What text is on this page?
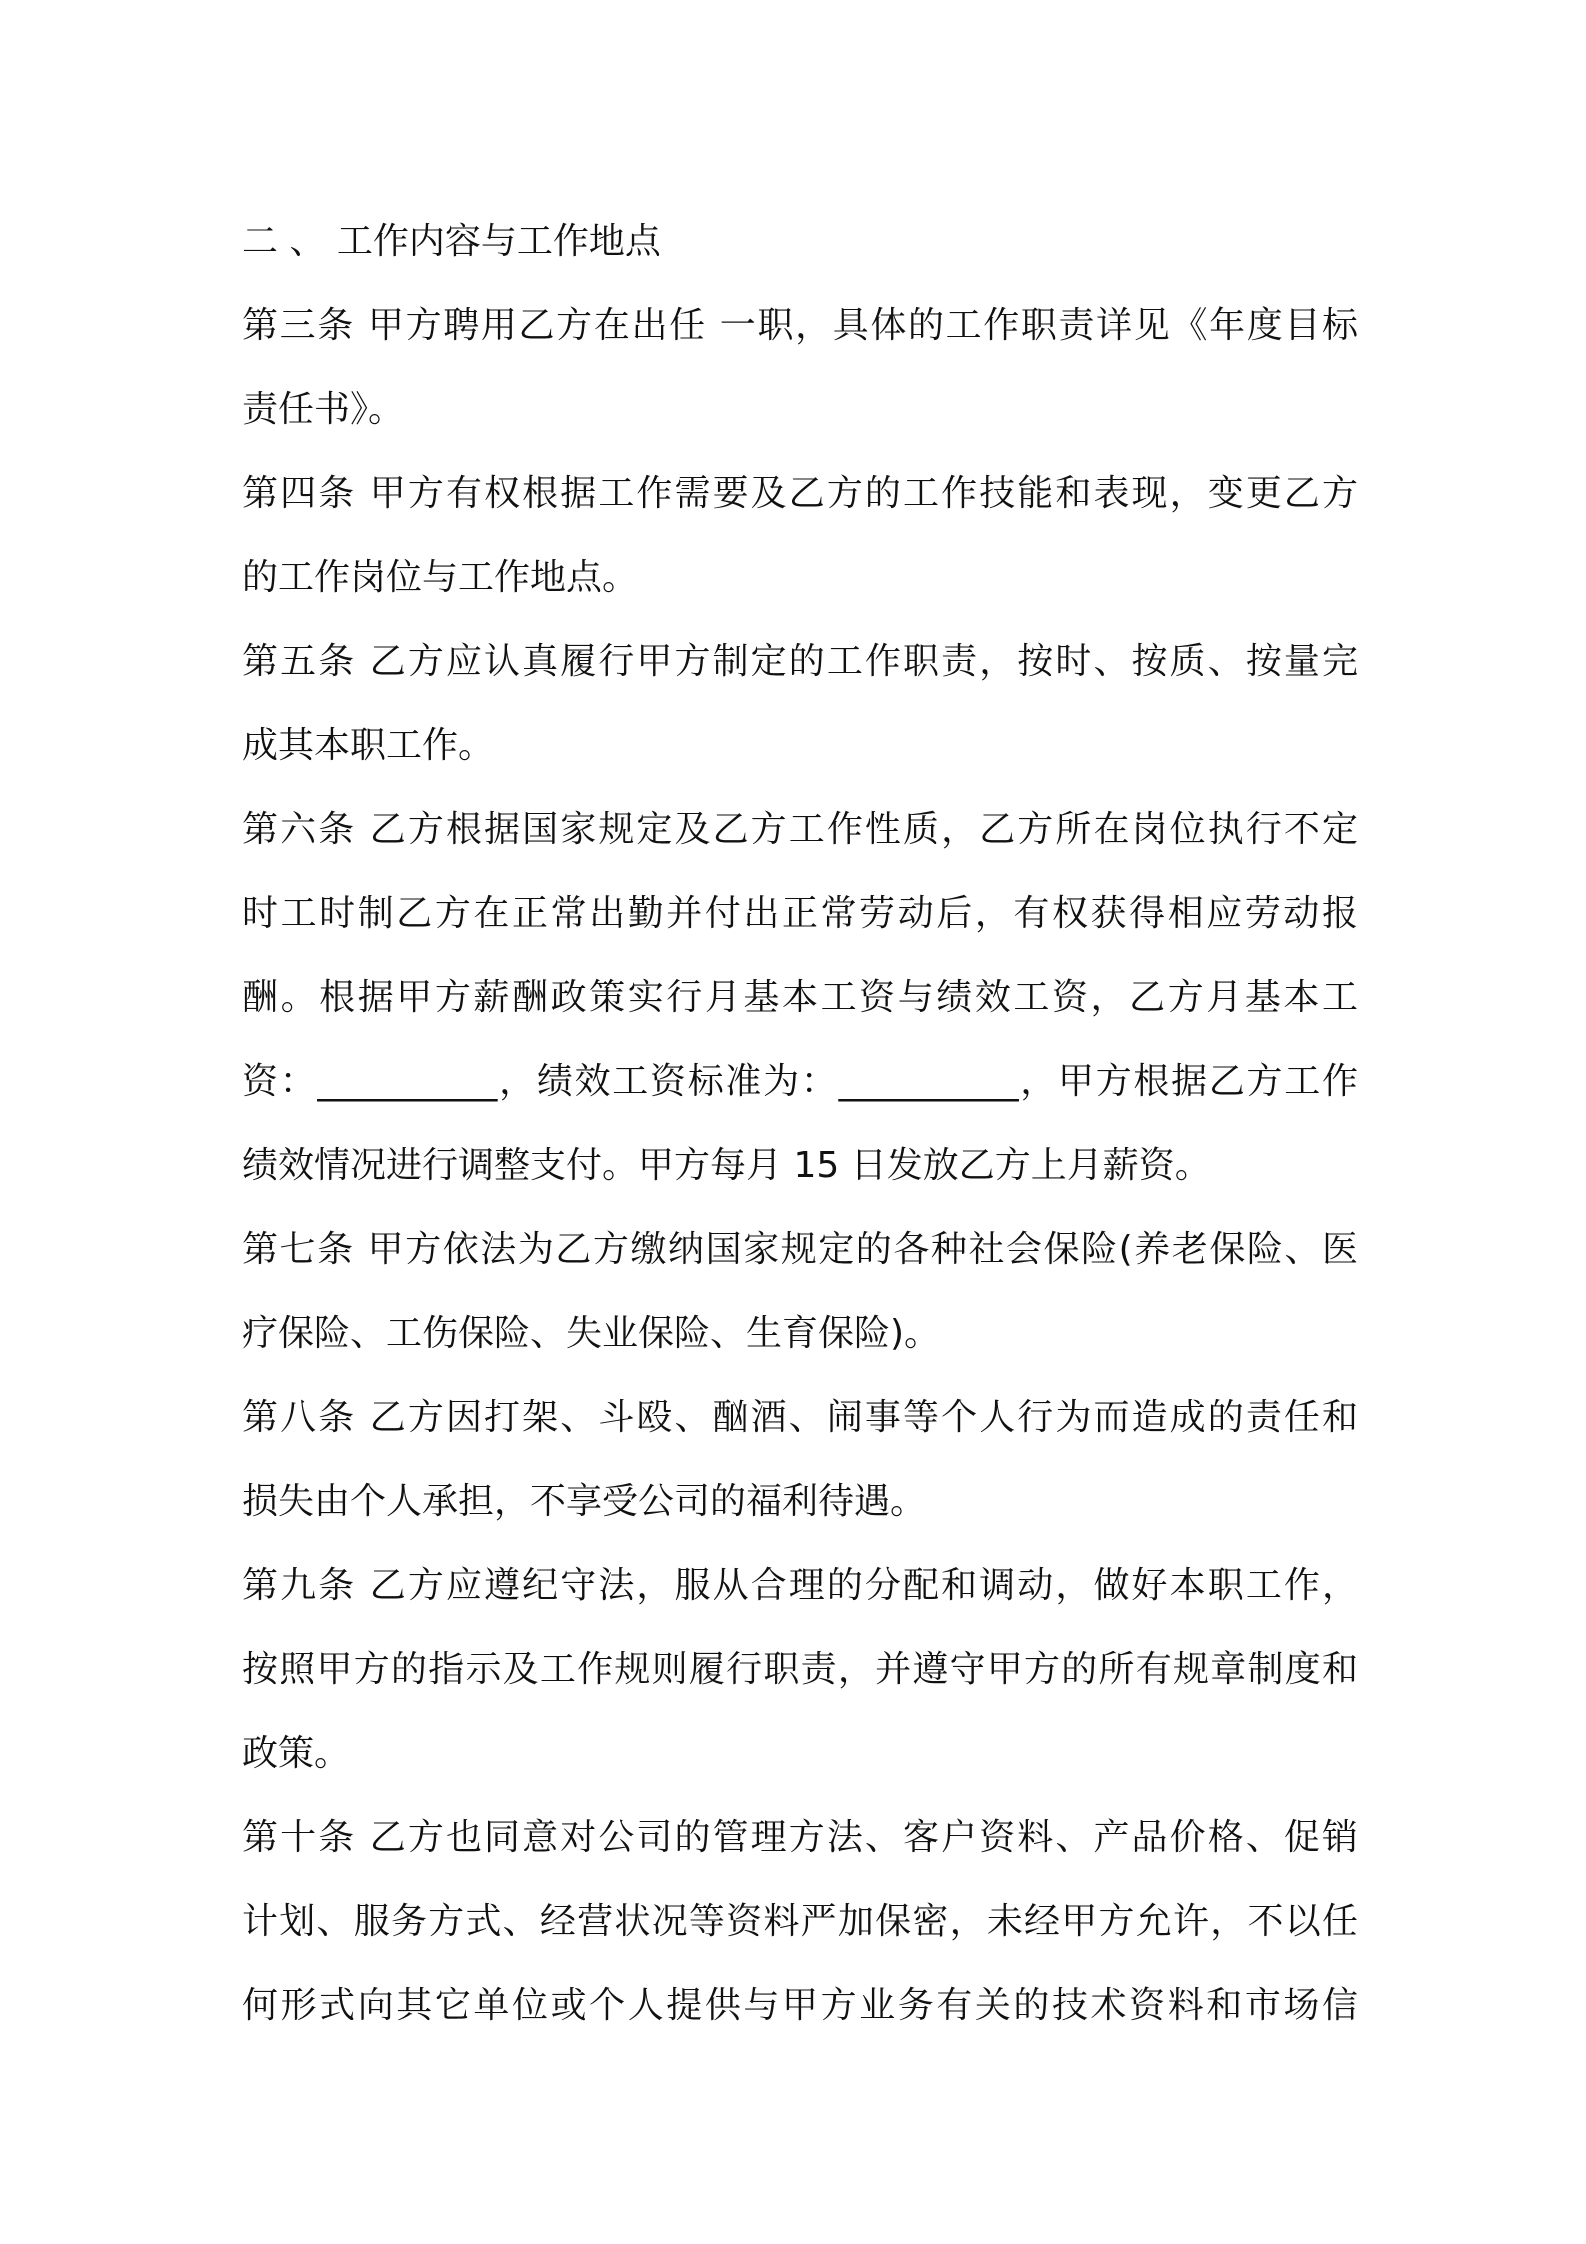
二 、 工作内容与工作地点
第三条 甲方聘用乙方在出任 一职，具体的工作职责详见《年度目标
责任书》。
第四条 甲方有权根据工作需要及乙方的工作技能和表现，变更乙方
的工作岗位与工作地点。
第五条 乙方应认真履行甲方制定的工作职责，按时、按质、按量完
成其本职工作。
第六条 乙方根据国家规定及乙方工作性质，乙方所在岗位执行不定
时工时制乙方在正常出勤并付出正常劳动后，有权获得相应劳动报
酬。根据甲方薪酬政策实行月基本工资与绩效工资，乙方月基本工
资：__________，绩效工资标准为：__________，甲方根据乙方工作
绩效情况进行调整支付。甲方每月 15 日发放乙方上月薪资。
第七条 甲方依法为乙方缴纳国家规定的各种社会保险(养老保险、医
疗保险、工伤保险、失业保险、生育保险)。
第八条 乙方因打架、斗殴、酗酒、闹事等个人行为而造成的责任和
损失由个人承担，不享受公司的福利待遇。
第九条 乙方应遵纪守法，服从合理的分配和调动，做好本职工作，
按照甲方的指示及工作规则履行职责，并遵守甲方的所有规章制度和
政策。
第十条 乙方也同意对公司的管理方法、客户资料、产品价格、促销
计划、服务方式、经营状况等资料严加保密，未经甲方允许，不以任
何形式向其它单位或个人提供与甲方业务有关的技术资料和市场信
